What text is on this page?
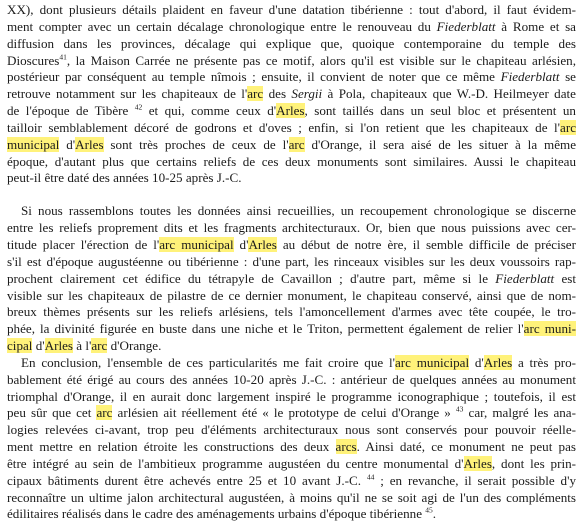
XX), dont plusieurs détails plaident en faveur d'une datation tibérienne : tout d'abord, il faut évidem-
ment compter avec un certain décalage chronologique entre le renouveau du Fiederblatt à Rome et sa
diffusion dans les provinces, décalage qui explique que, quoique contemporaine du temple des
Dioscures$^{41}$, la Maison Carrée ne présente pas ce motif, alors qu'il est visible sur le chapiteau arlésien,
postérieur par conséquent au temple nîmois ; ensuite, il convient de noter que ce même Fiederblatt se
retrouve notamment sur les chapiteaux de l'arc des Sergii à Pola, chapiteaux que W.-D. Heilmeyer date
de l'époque de Tibère $^{42}$ et qui, comme ceux d'Arles, sont taillés dans un seul bloc et présentent un
tailloir semblablement décoré de godrons et d'oves ; enfin, si l'on retient que les chapiteaux de l'arc
municipal d'Arles sont très proches de ceux de l'arc d'Orange, il sera aisé de les situer à la même
époque, d'autant plus que certains reliefs de ces deux monuments sont similaires. Aussi le chapiteau
peut-il être daté des années 10-25 après J.-C.

Si nous rassemblons toutes les données ainsi recueillies, un recoupement chronologique se discerne
entre les reliefs proprement dits et les fragments architecturaux. Or, bien que nous puissions avec cer-
titude placer l'érection de l'arc municipal d'Arles au début de notre ère, il semble difficile de préciser
s'il est d'époque augustéenne ou tibérienne : d'une part, les rinceaux visibles sur les deux voussoirs rap-
prochent clairement cet édifice du tétrapyle de Cavaillon ; d'autre part, même si le Fiederblatt est
visible sur les chapiteaux de pilastre de ce dernier monument, le chapiteau conservé, ainsi que de nom-
breux thèmes présents sur les reliefs arlésiens, tels l'amoncellement d'armes avec tête coupée, le tro-
phée, la divinité figurée en buste dans une niche et le Triton, permettent également de relier l'arc muni-
cipal d'Arles à l'arc d'Orange.

En conclusion, l'ensemble de ces particularités me fait croire que l'arc municipal d'Arles a très pro-
bablement été érigé au cours des années 10-20 après J.-C. : antérieur de quelques années au monument
triomphal d'Orange, il en aurait donc largement inspiré le programme iconographique ; toutefois, il est
peu sûr que cet arc arlésien ait réellement été « le prototype de celui d'Orange » $^{43}$ car, malgré les ana-
logies relevées ci-avant, trop peu d'éléments architecturaux nous sont conservés pour pouvoir réelle-
ment mettre en relation étroite les constructions des deux arcs. Ainsi daté, ce monument ne peut pas
être intégré au sein de l'ambitieux programme augustéen du centre monumental d'Arles, dont les prin-
cipaux bâtiments durent être achevés entre 25 et 10 avant J.-C. $^{44}$ ; en revanche, il serait possible d'y
reconnaître un ultime jalon architectural augustéen, à moins qu'il ne se soit agi de l'un des compléments
édilitaires réalisés dans le cadre des aménagements urbains d'époque tibérienne $^{45}$.
